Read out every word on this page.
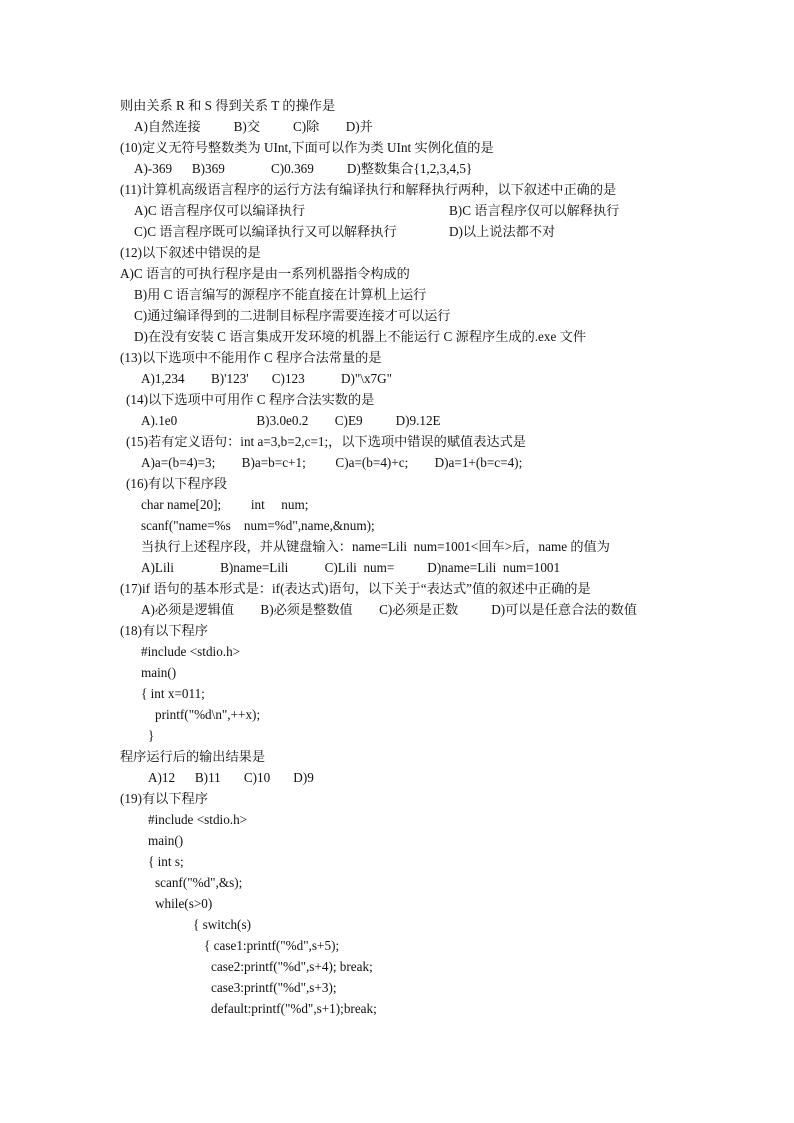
则由关系 R 和 S 得到关系 T 的操作是
A)自然连接          B)交          C)除        D)并
(10)定义无符号整数类为 UInt,下面可以作为类 UInt 实例化值的是
A)-369      B)369              C)0.369          D)整数集合{1,2,3,4,5}
(11)计算机高级语言程序的运行方法有编译执行和解释执行两种，以下叙述中正确的是
A)C 语言程序仅可以编译执行	B)C 语言程序仅可以解释执行
C)C 语言程序既可以编译执行又可以解释执行	D)以上说法都不对
(12)以下叙述中错误的是
A)C 语言的可执行程序是由一系列机器指令构成的
B)用 C 语言编写的源程序不能直接在计算机上运行
C)通过编译得到的二进制目标程序需要连接才可以运行
D)在没有安装 C 语言集成开发环境的机器上不能运行 C 源程序生成的.exe 文件
(13)以下选项中不能用作 C 程序合法常量的是
A)1,234        B)'123'       C)123           D)"\x7G"
(14)以下选项中可用作 C 程序合法实数的是
A).1e0                        B)3.0e0.2        C)E9          D)9.12E
(15)若有定义语句：int a=3,b=2,c=1;，以下选项中错误的赋值表达式是
A)a=(b=4)=3;        B)a=b=c+1;         C)a=(b=4)+c;        D)a=1+(b=c=4);
(16)有以下程序段
char name[20];         int     num;
scanf("name=%s    num=%d",name,&num);
当执行上述程序段，并从键盘输入：name=Lili  num=1001<回车>后，name 的值为
A)Lili              B)name=Lili           C)Lili  num=          D)name=Lili  num=1001
(17)if 语句的基本形式是：if(表达式)语句，以下关于“表达式”值的叙述中正确的是
A)必须是逻辑值        B)必须是整数值        C)必须是正数          D)可以是任意合法的数值
(18)有以下程序
#include <stdio.h>
main()
{ int x=011;
printf("%d\n",++x);
}
程序运行后的输出结果是
A)12      B)11       C)10       D)9
(19)有以下程序
#include <stdio.h>
main()
{ int s;
scanf("%d",&s);
while(s>0)
{ switch(s)
{ case1:printf("%d",s+5);
case2:printf("%d",s+4); break;
case3:printf("%d",s+3);
default:printf("%d",s+1);break;
